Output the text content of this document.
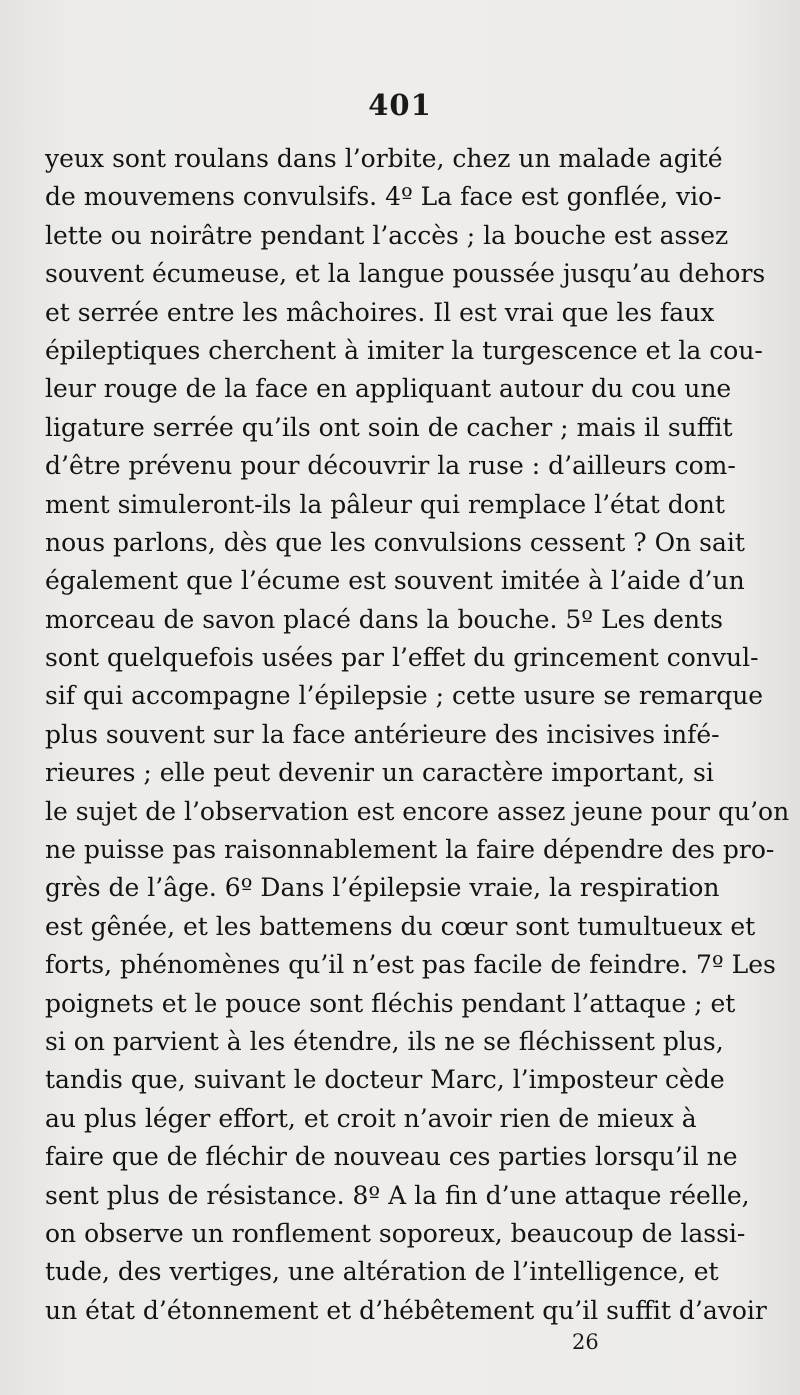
401
yeux sont roulans dans l’orbite, chez un malade agité
de mouvemens convulsifs. 4º La face est gonflée, vio-
lette ou noirâtre pendant l’accès ; la bouche est assez
souvent écumeuse, et la langue poussée jusqu’au dehors
et serrée entre les mâchoires. Il est vrai que les faux
épileptiques cherchent à imiter la turgescence et la cou-
leur rouge de la face en appliquant autour du cou une
ligature serrée qu’ils ont soin de cacher ; mais il suffit
d’être prévenu pour découvrir la ruse : d’ailleurs com-
ment simuleront-ils la pâleur qui remplace l’état dont
nous parlons, dès que les convulsions cessent ? On sait
également que l’écume est souvent imitée à l’aide d’un
morceau de savon placé dans la bouche. 5º Les dents
sont quelquefois usées par l’effet du grincement convul-
sif qui accompagne l’épilepsie ; cette usure se remarque
plus souvent sur la face antérieure des incisives infé-
rieures ; elle peut devenir un caractère important, si
le sujet de l’observation est encore assez jeune pour qu’on
ne puisse pas raisonnablement la faire dépendre des pro-
grès de l’âge. 6º Dans l’épilepsie vraie, la respiration
est gênée, et les battemens du cœur sont tumultueux et
forts, phénomènes qu’il n’est pas facile de feindre. 7º Les
poignets et le pouce sont fléchis pendant l’attaque ; et
si on parvient à les étendre, ils ne se fléchissent plus,
tandis que, suivant le docteur Marc, l’imposteur cède
au plus léger effort, et croit n’avoir rien de mieux à
faire que de fléchir de nouveau ces parties lorsqu’il ne
sent plus de résistance. 8º A la fin d’une attaque réelle,
on observe un ronflement soporeux, beaucoup de lassi-
tude, des vertiges, une altération de l’intelligence, et
un état d’étonnement et d’hébêtement qu’il suffit d’avoir
26
